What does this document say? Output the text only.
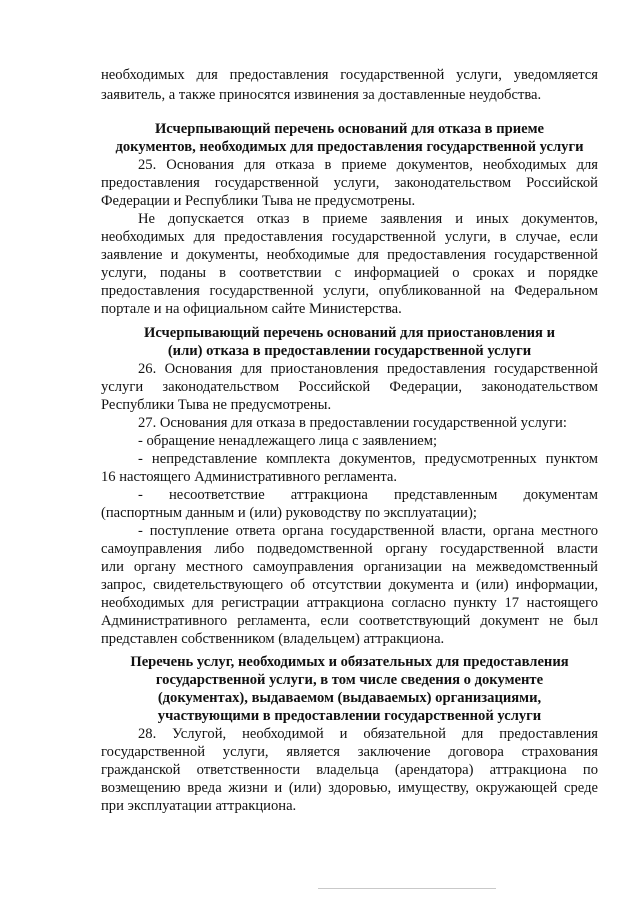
необходимых для предоставления государственной услуги, уведомляется
заявитель, а также приносятся извинения за доставленные неудобства.
Исчерпывающий перечень оснований для отказа в приеме
документов, необходимых для предоставления государственной услуги
25. Основания для отказа в приеме документов, необходимых для
предоставления государственной услуги, законодательством Российской
Федерации и Республики Тыва не предусмотрены.
Не допускается отказ в приеме заявления и иных документов,
необходимых для предоставления государственной услуги, в случае, если
заявление и документы, необходимые для предоставления государственной
услуги, поданы в соответствии с информацией о сроках и порядке
предоставления государственной услуги, опубликованной на Федеральном
портале и на официальном сайте Министерства.
Исчерпывающий перечень оснований для приостановления и
(или) отказа в предоставлении государственной услуги
26. Основания для приостановления предоставления государственной
услуги законодательством Российской Федерации, законодательством
Республики Тыва не предусмотрены.
27. Основания для отказа в предоставлении государственной услуги:
- обращение ненадлежащего лица с заявлением;
- непредставление комплекта документов, предусмотренных пунктом
16 настоящего Административного регламента.
- несоответствие аттракциона представленным документам
(паспортным данным и (или) руководству по эксплуатации);
- поступление ответа органа государственной власти, органа местного
самоуправления либо подведомственной органу государственной власти
или органу местного самоуправления организации на межведомственный
запрос, свидетельствующего об отсутствии документа и (или) информации,
необходимых для регистрации аттракциона согласно пункту 17 настоящего
Административного регламента, если соответствующий документ не был
представлен собственником (владельцем) аттракциона.
Перечень услуг, необходимых и обязательных для предоставления
государственной услуги, в том числе сведения о документе
(документах), выдаваемом (выдаваемых) организациями,
участвующими в предоставлении государственной услуги
28. Услугой, необходимой и обязательной для предоставления
государственной услуги, является заключение договора страхования
гражданской ответственности владельца (арендатора) аттракциона по
возмещению вреда жизни и (или) здоровью, имуществу, окружающей среде
при эксплуатации аттракциона.
